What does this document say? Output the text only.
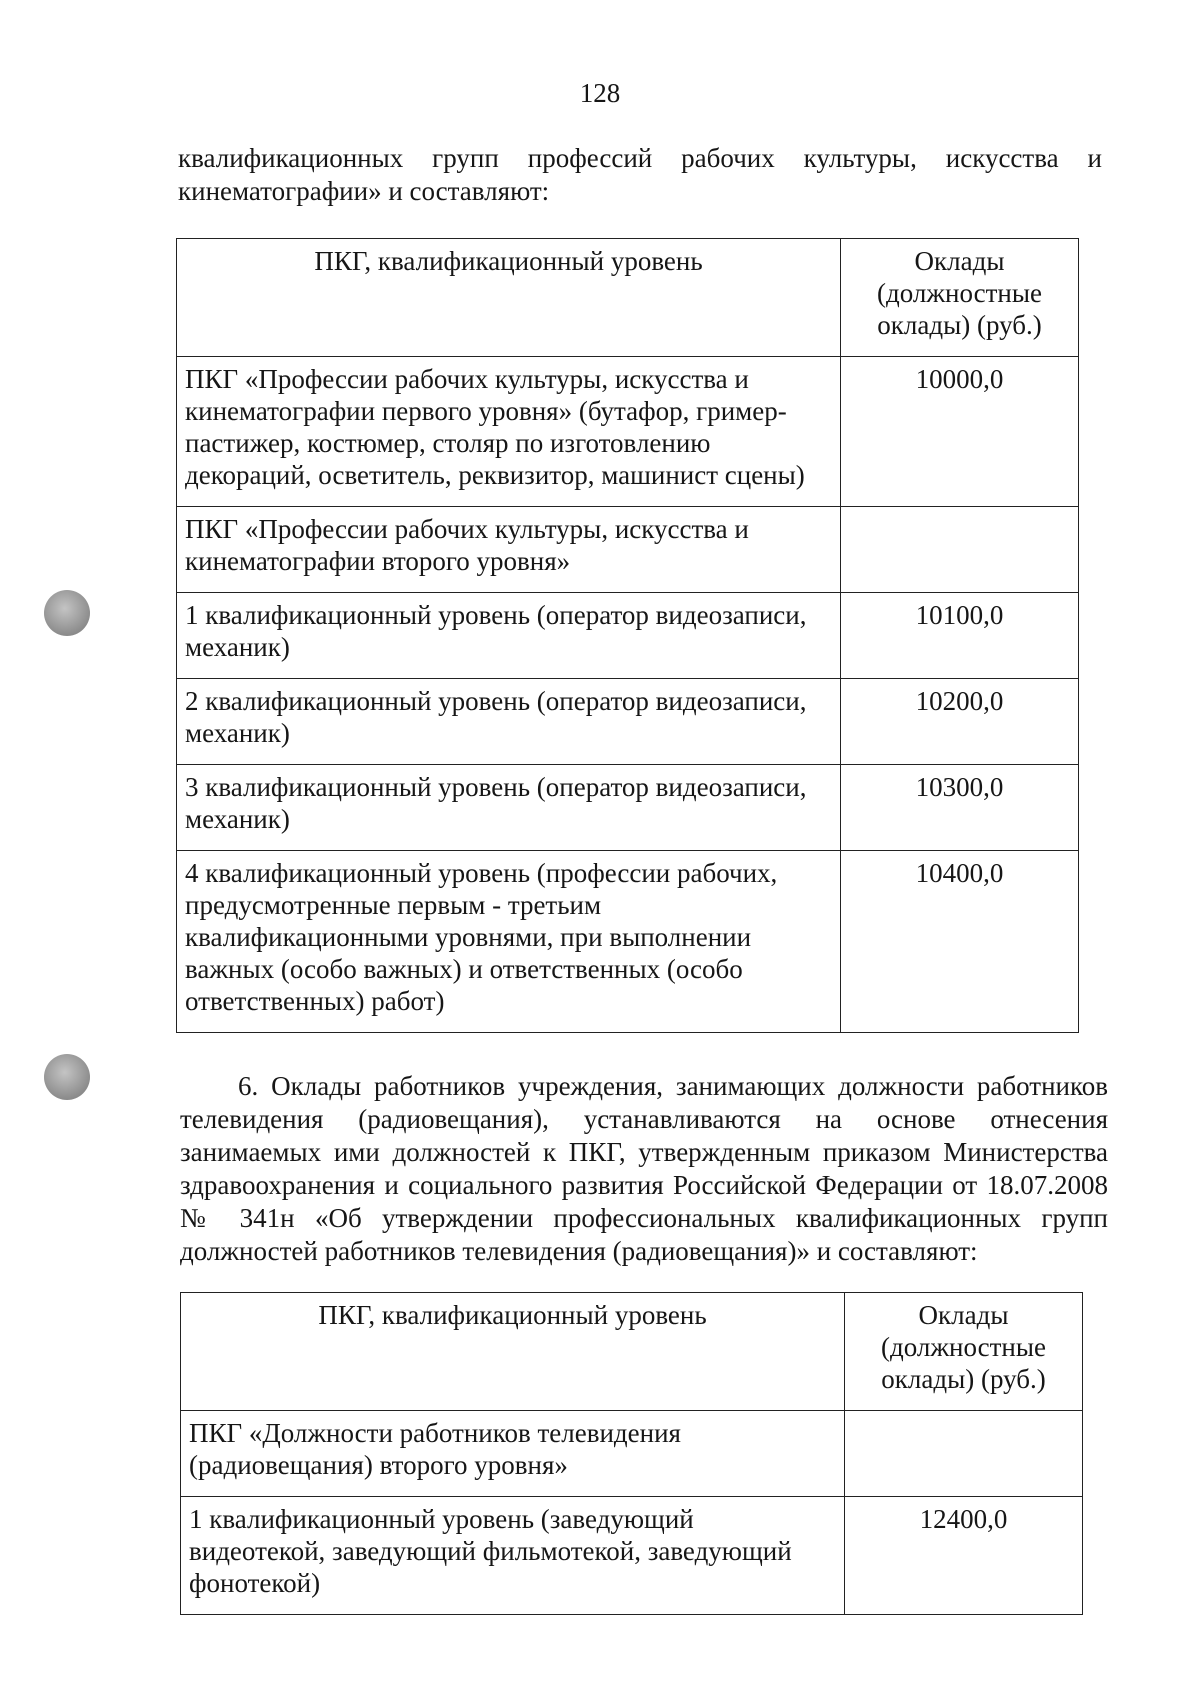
128
квалификационных групп профессий рабочих культуры, искусства и
кинематографии» и составляют:
ПКГ, квалификационный уровень	Оклады (должностные оклады) (руб.)
ПКГ «Профессии рабочих культуры, искусства и кинематографии первого уровня» (бутафор, гример-пастижер, костюмер, столяр по изготовлению декораций, осветитель, реквизитор, машинист сцены)	10000,0
ПКГ «Профессии рабочих культуры, искусства и кинематографии второго уровня»	
1 квалификационный уровень (оператор видеозаписи, механик)	10100,0
2 квалификационный уровень (оператор видеозаписи, механик)	10200,0
3 квалификационный уровень (оператор видеозаписи, механик)	10300,0
4 квалификационный уровень (профессии рабочих, предусмотренные первым - третьим квалификационными уровнями, при выполнении важных (особо важных) и ответственных (особо ответственных) работ)	10400,0
6. Оклады работников учреждения, занимающих должности работников телевидения (радиовещания), устанавливаются на основе отнесения занимаемых ими должностей к ПКГ, утвержденным приказом Министерства здравоохранения и социального развития Российской Федерации от 18.07.2008 № 341н «Об утверждении профессиональных квалификационных групп должностей работников телевидения (радиовещания)» и составляют:
ПКГ, квалификационный уровень	Оклады (должностные оклады) (руб.)
ПКГ «Должности работников телевидения (радиовещания) второго уровня»	
1 квалификационный уровень (заведующий видеотекой, заведующий фильмотекой, заведующий фонотекой)	12400,0
